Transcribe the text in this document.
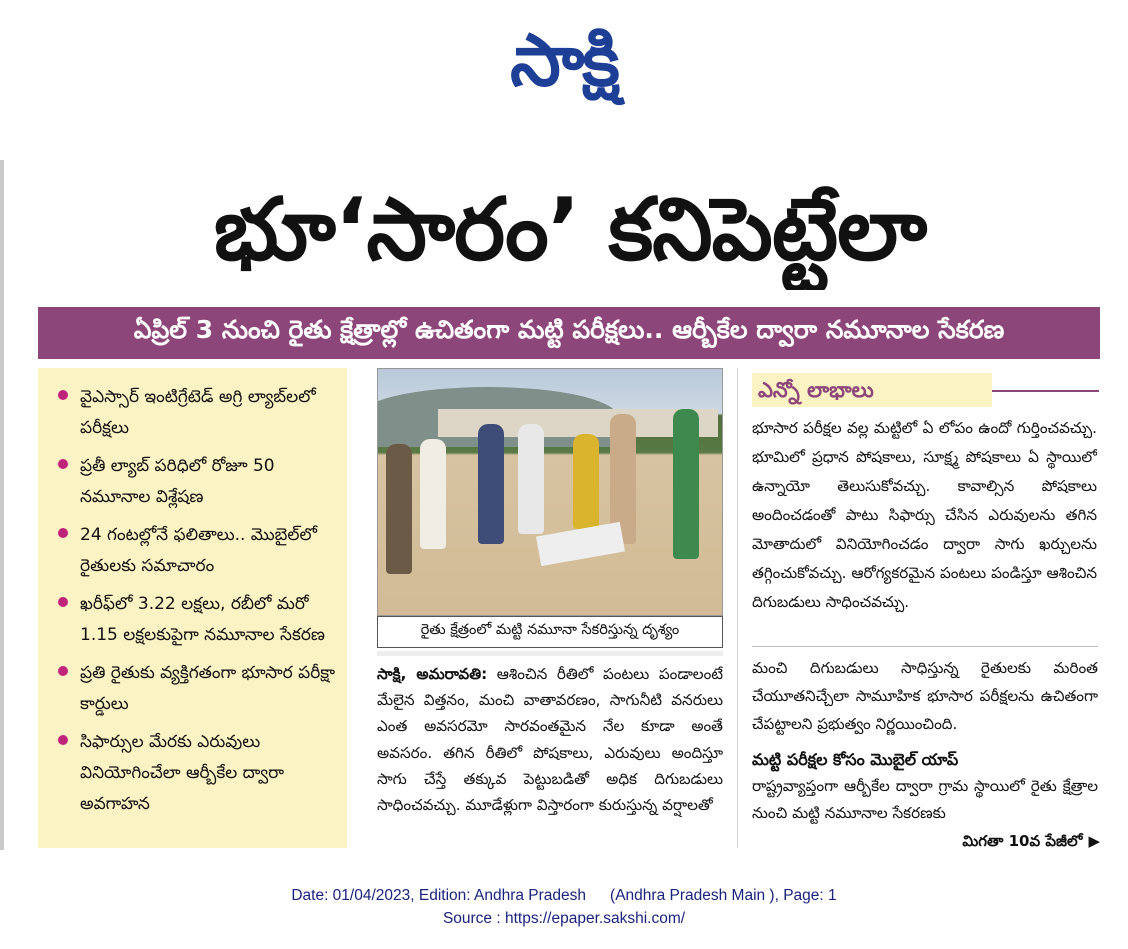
సాక్షి
భూ‘సారం’ కనిపెట్టేలా
ఏప్రిల్ 3 నుంచి రైతు క్షేత్రాల్లో ఉచితంగా మట్టి పరీక్షలు.. ఆర్బీకేల ద్వారా నమూనాల సేకరణ
వైఎస్సార్ ఇంటిగ్రేటెడ్ అగ్రి ల్యాబ్‌లలో పరీక్షలు
ప్రతీ ల్యాబ్ పరిధిలో రోజూ 50 నమూనాల విశ్లేషణ
24 గంటల్లోనే ఫలితాలు.. మొబైల్‌లో రైతులకు సమాచారం
ఖరీఫ్‌లో 3.22 లక్షలు, రబీలో మరో 1.15 లక్షలకుపైగా నమూనాల సేకరణ
ప్రతి రైతుకు వ్యక్తిగతంగా భూసార పరీక్షా కార్డులు
సిఫార్సుల మేరకు ఎరువులు వినియోగించేలా ఆర్బీకేల ద్వారా అవగాహన
రైతు క్షేత్రంలో మట్టి నమూనా సేకరిస్తున్న దృశ్యం
సాక్షి, అమరావతి: ఆశించిన రీతిలో పంటలు పండాలంటే మేలైన విత్తనం, మంచి వాతావరణం, సాగునీటి వనరులు ఎంత అవసరమో సారవంతమైన నేల కూడా అంతే అవసరం. తగిన రీతిలో పోషకాలు, ఎరువులు అందిస్తూ సాగు చేస్తే తక్కువ పెట్టుబడితో అధిక దిగుబడులు సాధించవచ్చు. మూడేళ్లుగా విస్తారంగా కురుస్తున్న వర్షాలతో
ఎన్నో లాభాలు
భూసార పరీక్షల వల్ల మట్టిలో ఏ లోపం ఉందో గుర్తించవచ్చు. భూమిలో ప్రధాన పోషకాలు, సూక్ష్మ పోషకాలు ఏ స్థాయిలో ఉన్నాయో తెలుసుకోవచ్చు. కావాల్సిన పోషకాలు అందించడంతో పాటు సిఫార్సు చేసిన ఎరువులను తగిన మోతాదులో వినియోగించడం ద్వారా సాగు ఖర్చులను తగ్గించుకోవచ్చు. ఆరోగ్యకరమైన పంటలు పండిస్తూ ఆశించిన దిగుబడులు సాధించవచ్చు.
మంచి దిగుబడులు సాధిస్తున్న రైతులకు మరింత చేయూతనిచ్చేలా సామూహిక భూసార పరీక్షలను ఉచితంగా చేపట్టాలని ప్రభుత్వం నిర్ణయించింది.
మట్టి పరీక్షల కోసం మొబైల్ యాప్
రాష్ట్రవ్యాప్తంగా ఆర్బీకేల ద్వారా గ్రామ స్థాయిలో రైతు క్షేత్రాల నుంచి మట్టి నమూనాల సేకరణకు
మిగతా 10వ పేజీలో ▶
Date: 01/04/2023, Edition: Andhra Pradesh (Andhra Pradesh Main ), Page: 1
Source : https://epaper.sakshi.com/
